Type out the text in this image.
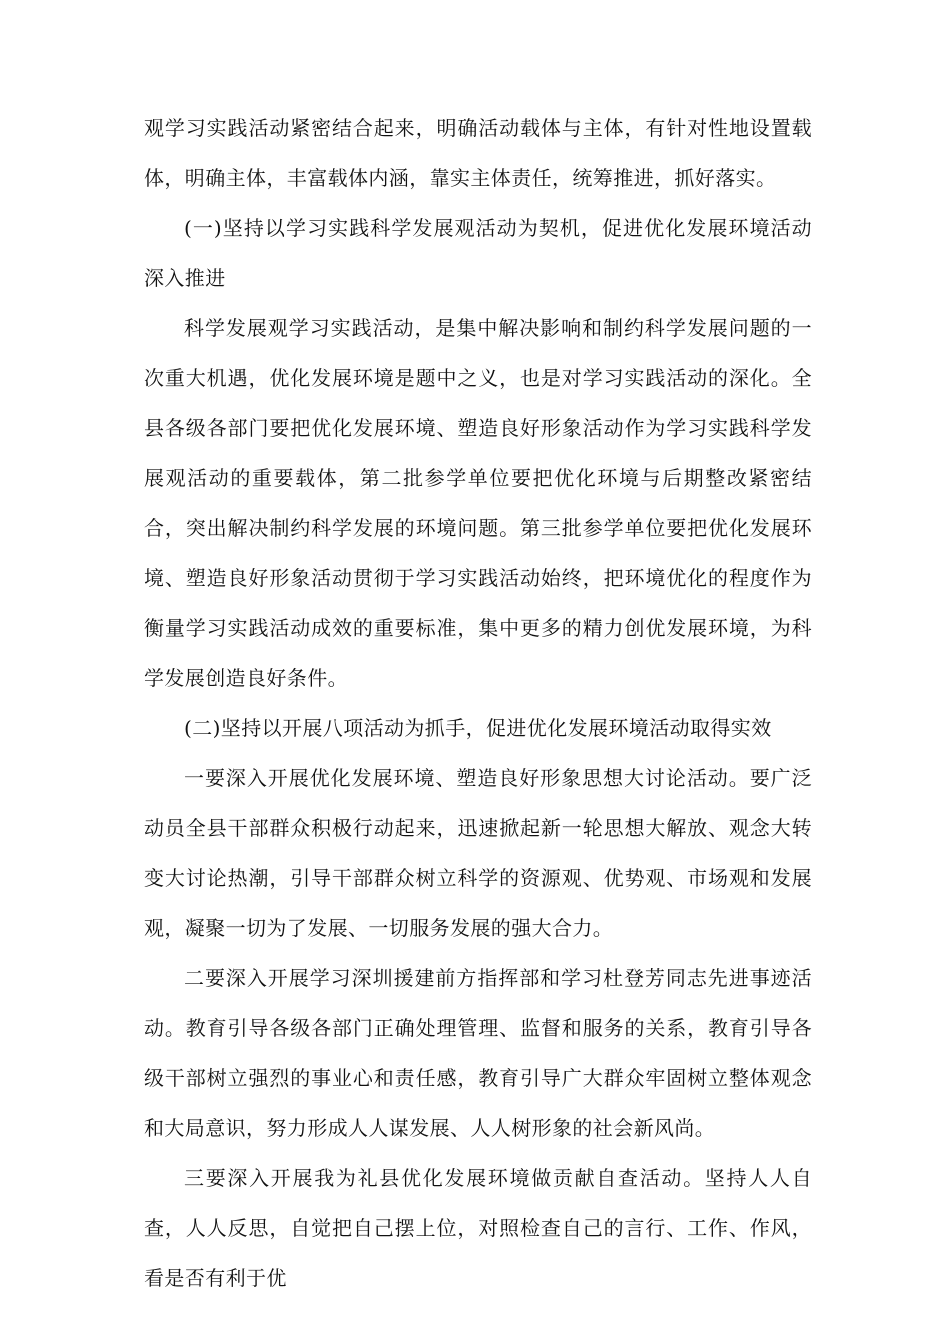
观学习实践活动紧密结合起来，明确活动载体与主体，有针对性地设置载体，明确主体，丰富载体内涵，靠实主体责任，统筹推进，抓好落实。

(一)坚持以学习实践科学发展观活动为契机，促进优化发展环境活动深入推进

科学发展观学习实践活动，是集中解决影响和制约科学发展问题的一次重大机遇，优化发展环境是题中之义，也是对学习实践活动的深化。全县各级各部门要把优化发展环境、塑造良好形象活动作为学习实践科学发展观活动的重要载体，第二批参学单位要把优化环境与后期整改紧密结合，突出解决制约科学发展的环境问题。第三批参学单位要把优化发展环境、塑造良好形象活动贯彻于学习实践活动始终，把环境优化的程度作为衡量学习实践活动成效的重要标准，集中更多的精力创优发展环境，为科学发展创造良好条件。

(二)坚持以开展八项活动为抓手，促进优化发展环境活动取得实效

一要深入开展优化发展环境、塑造良好形象思想大讨论活动。要广泛动员全县干部群众积极行动起来，迅速掀起新一轮思想大解放、观念大转变大讨论热潮，引导干部群众树立科学的资源观、优势观、市场观和发展观，凝聚一切为了发展、一切服务发展的强大合力。

二要深入开展学习深圳援建前方指挥部和学习杜登芳同志先进事迹活动。教育引导各级各部门正确处理管理、监督和服务的关系，教育引导各级干部树立强烈的事业心和责任感，教育引导广大群众牢固树立整体观念和大局意识，努力形成人人谋发展、人人树形象的社会新风尚。

三要深入开展我为礼县优化发展环境做贡献自查活动。坚持人人自查，人人反思，自觉把自己摆上位，对照检查自己的言行、工作、作风，看是否有利于优
